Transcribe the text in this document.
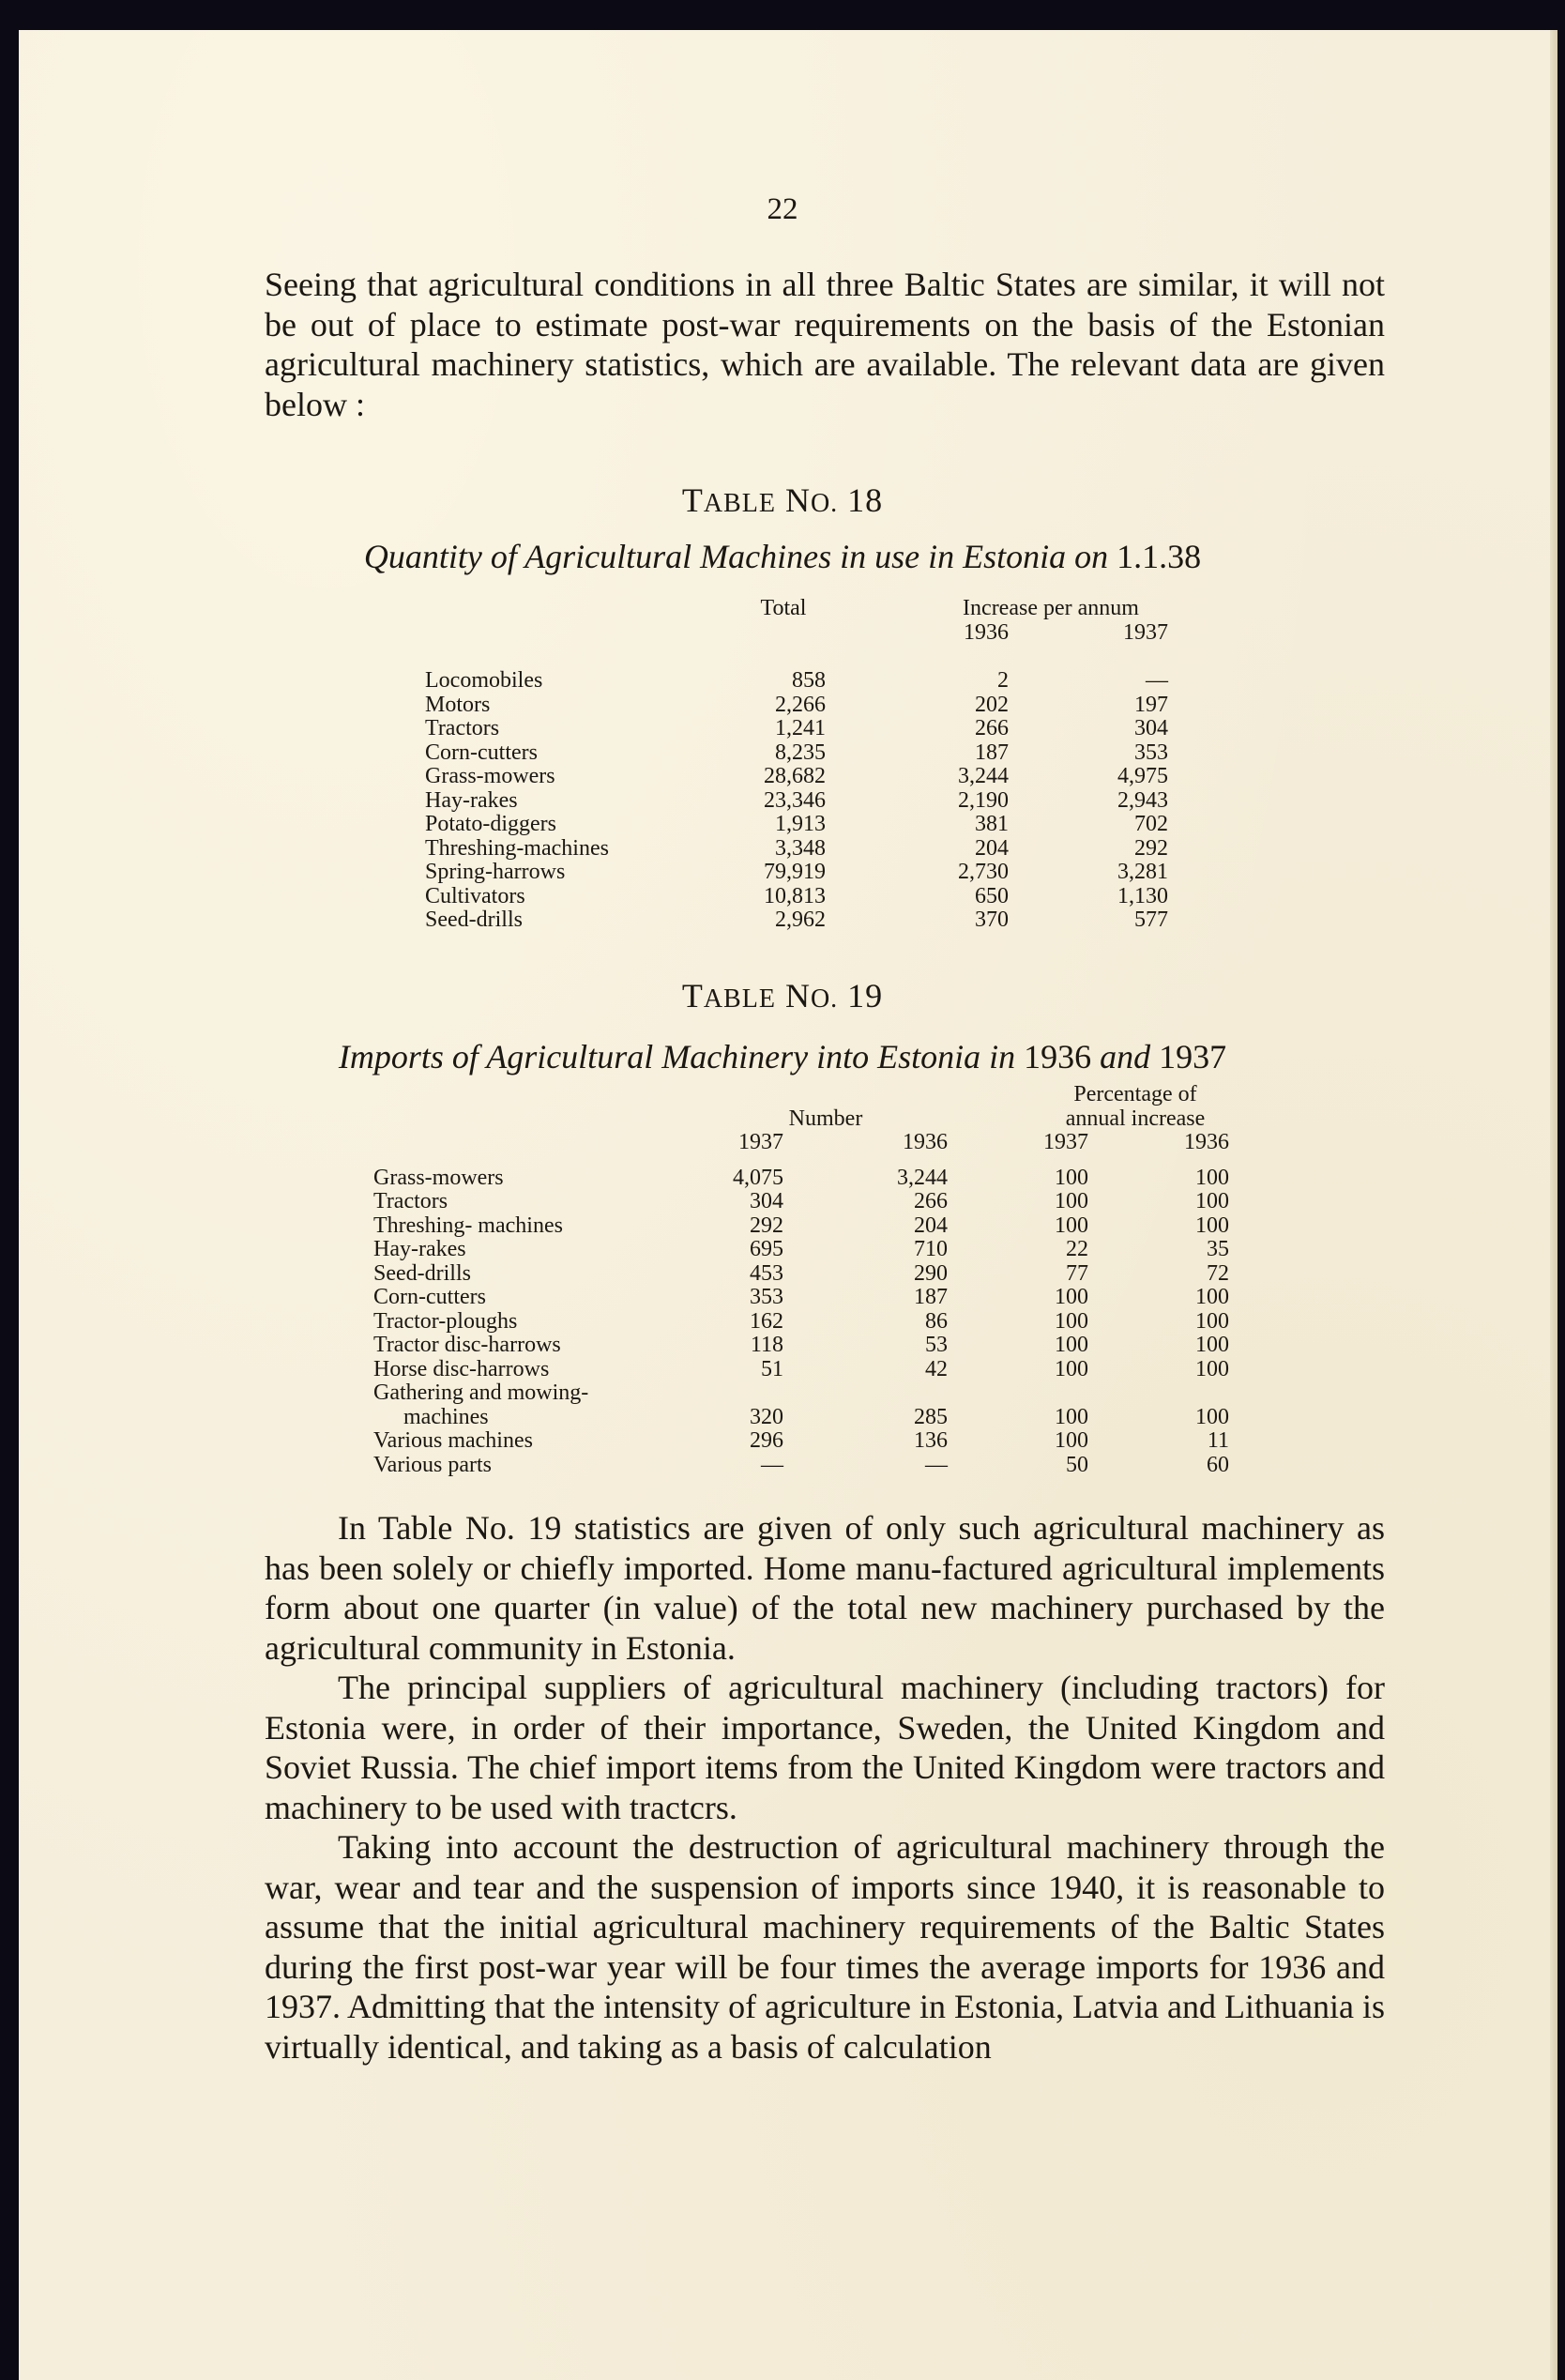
22

Seeing that agricultural conditions in all three Baltic States are similar, it will not be out of place to estimate post-war requirements on the basis of the Estonian agricultural machinery statistics, which are available. The relevant data are given below :

TABLE NO. 18
Quantity of Agricultural Machines in use in Estonia on 1.1.38
Total	Increase per annum
1936	1937
Locomobiles	858	2	—
Motors	2,266	202	197
Tractors	1,241	266	304
Corn-cutters	8,235	187	353
Grass-mowers	28,682	3,244	4,975
Hay-rakes	23,346	2,190	2,943
Potato-diggers	1,913	381	702
Threshing-machines	3,348	204	292
Spring-harrows	79,919	2,730	3,281
Cultivators	10,813	650	1,130
Seed-drills	2,962	370	577
TABLE NO. 19
Imports of Agricultural Machinery into Estonia in 1936 and 1937
Percentage of
Number	annual increase
1937	1936	1937	1936
Grass-mowers	4,075	3,244	100	100
Tractors	304	266	100	100
Threshing- machines	292	204	100	100
Hay-rakes	695	710	22	35
Seed-drills	453	290	77	72
Corn-cutters	353	187	100	100
Tractor-ploughs	162	86	100	100
Tractor disc-harrows	118	53	100	100
Horse disc-harrows	51	42	100	100
Gathering and mowing-
machines	320	285	100	100
Various machines	296	136	100	11
Various parts	—	—	50	60

In Table No. 19 statistics are given of only such agricultural machinery as has been solely or chiefly imported. Home manu-factured agricultural implements form about one quarter (in value) of the total new machinery purchased by the agricultural community in Estonia.

The principal suppliers of agricultural machinery (including tractors) for Estonia were, in order of their importance, Sweden, the United Kingdom and Soviet Russia. The chief import items from the United Kingdom were tractors and machinery to be used with tractcrs.

Taking into account the destruction of agricultural machinery through the war, wear and tear and the suspension of imports since 1940, it is reasonable to assume that the initial agricultural machinery requirements of the Baltic States during the first post-war year will be four times the average imports for 1936 and 1937. Admitting that the intensity of agriculture in Estonia, Latvia and Lithuania is virtually identical, and taking as a basis of calculation
